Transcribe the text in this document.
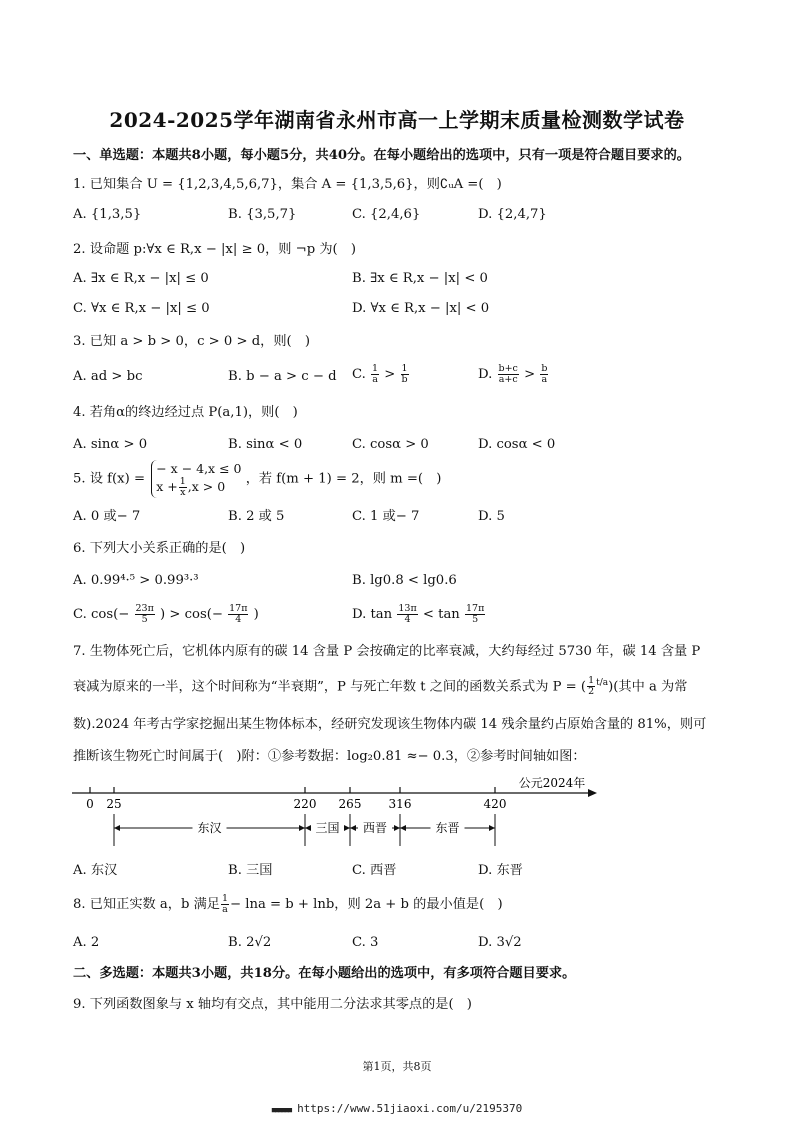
2024-2025学年湖南省永州市高一上学期末质量检测数学试卷
一、单选题：本题共8小题，每小题5分，共40分。在每小题给出的选项中，只有一项是符合题目要求的。
1. 已知集合 U = {1,2,3,4,5,6,7}，集合 A = {1,3,5,6}，则∁ᵤA =(　)
A. {1,3,5}	B. {3,5,7}	C. {2,4,6}	D. {2,4,7}
2. 设命题 p:∀x ∈ R,x − |x| ≥ 0，则 ¬p 为(　)
A. ∃x ∈ R,x − |x| ≤ 0	B. ∃x ∈ R,x − |x| < 0
C. ∀x ∈ R,x − |x| ≤ 0	D. ∀x ∈ R,x − |x| < 0
3. 已知 a > b > 0，c > 0 > d，则(　)
A. ad > bc	B. b − a > c − d C. $\frac{1}{a} > \frac{1}{b}$	D. $\frac{b+c}{a+c} > \frac{b}{a}$
4. 若角α的终边经过点 P(a,1)，则(　)
A. sinα > 0	B. sinα < 0	C. cosα > 0	D. cosα < 0
5. 设 f(x) =
− x − 4,x ≤ 0
$x + \frac{1}{x} ,x > 0$	，若 f(m + 1) = 2，则 m =(　)
A. 0 或− 7	B. 2 或 5	C. 1 或− 7	D. 5
6. 下列大小关系正确的是(　)
A. 0.99⁴·⁵ > 0.99³·³	B. lg0.8 < lg0.6
C. $\cos(- \frac{23\pi}{5}$ ) > $\cos(- \frac{17\pi}{4}$ )	D. $\tan \frac{13\pi}{4} < \tan \frac{17\pi}{5}$
7. 生物体死亡后，它机体内原有的碳 14 含量 P 会按确定的比率衰减，大约每经过 5730 年，碳 14 含量 P
衰减为原来的一半，这个时间称为“半衰期”，P 与死亡年数 t 之间的函数关系式为 P = ( $\frac{1}{2} ^{t/a}$)(其中 a 为常
数).2024 年考古学家挖掘出某生物体标本，经研究发现该生物体内碳 14 残余量约占原始含量的 81%，则可
推断该生物死亡时间属于(　)附：①参考数据：log₂0.81 ≈− 0.3，②参考时间轴如图：
公元2024年
0 25	220 265 316	420
东汉	三国 西晋	东晋
A. 东汉	B. 三国	C. 西晋	D. 东晋
8. 已知正实数 a，b 满足 $\frac{1}{a} - \ln a = b + \ln b$，则 2a + b 的最小值是(　)
A. 2	B. 2√2	C. 3	D. 3√2
二、多选题：本题共3小题，共18分。在每小题给出的选项中，有多项符合题目要求。
9. 下列函数图象与 x 轴均有交点，其中能用二分法求其零点的是(　)
第1页，共8页
■■■■■■ https://www.51jiaoxi.com/u/2195370
